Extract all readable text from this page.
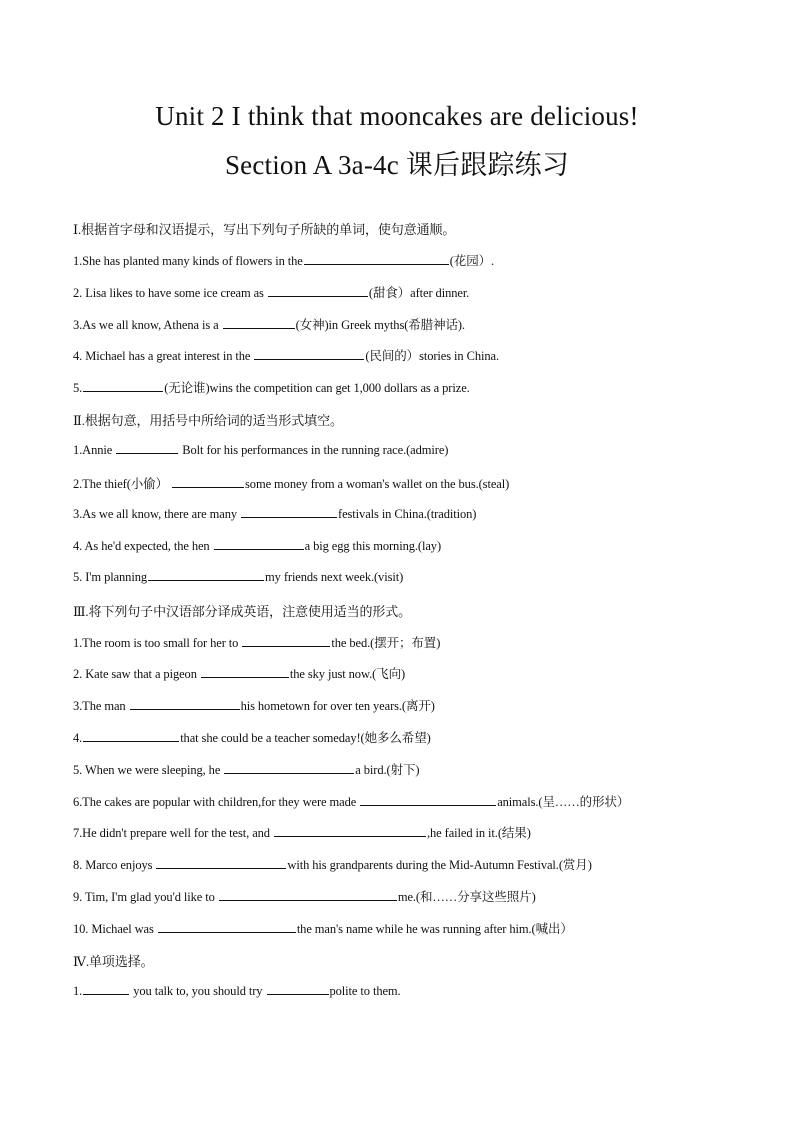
Unit 2 I think that mooncakes are delicious!
Section A 3a-4c 课后跟踪练习
Ⅰ.根据首字母和汉语提示，写出下列句子所缺的单词，使句意通顺。
1.She has planted many kinds of flowers in the	(花园）.
2. Lisa likes to have some ice cream as	(甜食）after dinner.
3.As we all know, Athena is a	(女神)in Greek myths(希腊神话).
4. Michael has a great interest in the	(民间的）stories in China.
5.	(无论谁)wins the competition can get 1,000 dollars as a prize.
Ⅱ.根据句意，用括号中所给词的适当形式填空。
1.Annie	Bolt for his performances in the running race.(admire)
2.The thief(小偷）	some money from a woman's wallet on the bus.(steal)
3.As we all know, there are many	festivals in China.(tradition)
4. As he'd expected, the hen	a big egg this morning.(lay)
5. I'm planning	my friends next week.(visit)
Ⅲ.将下列句子中汉语部分译成英语，注意使用适当的形式。
1.The room is too small for her to	the bed.(摆开；布置)
2. Kate saw that a pigeon	the sky just now.(飞向)
3.The man	his hometown for over ten years.(离开)
4.	that she could be a teacher someday!(她多么希望)
5. When we were sleeping, he	a bird.(射下)
6.The cakes are popular with children,for they were made	animals.(呈……的形状）
7.He didn't prepare well for the test, and	,he failed in it.(结果)
8. Marco enjoys	with his grandparents during the Mid-Autumn Festival.(赏月)
9. Tim, I'm glad you'd like to	me.(和……分享这些照片)
10. Michael was	the man's name while he was running after him.(喊出）
Ⅳ.单项选择。
1.	you talk to, you should try	polite to them.
